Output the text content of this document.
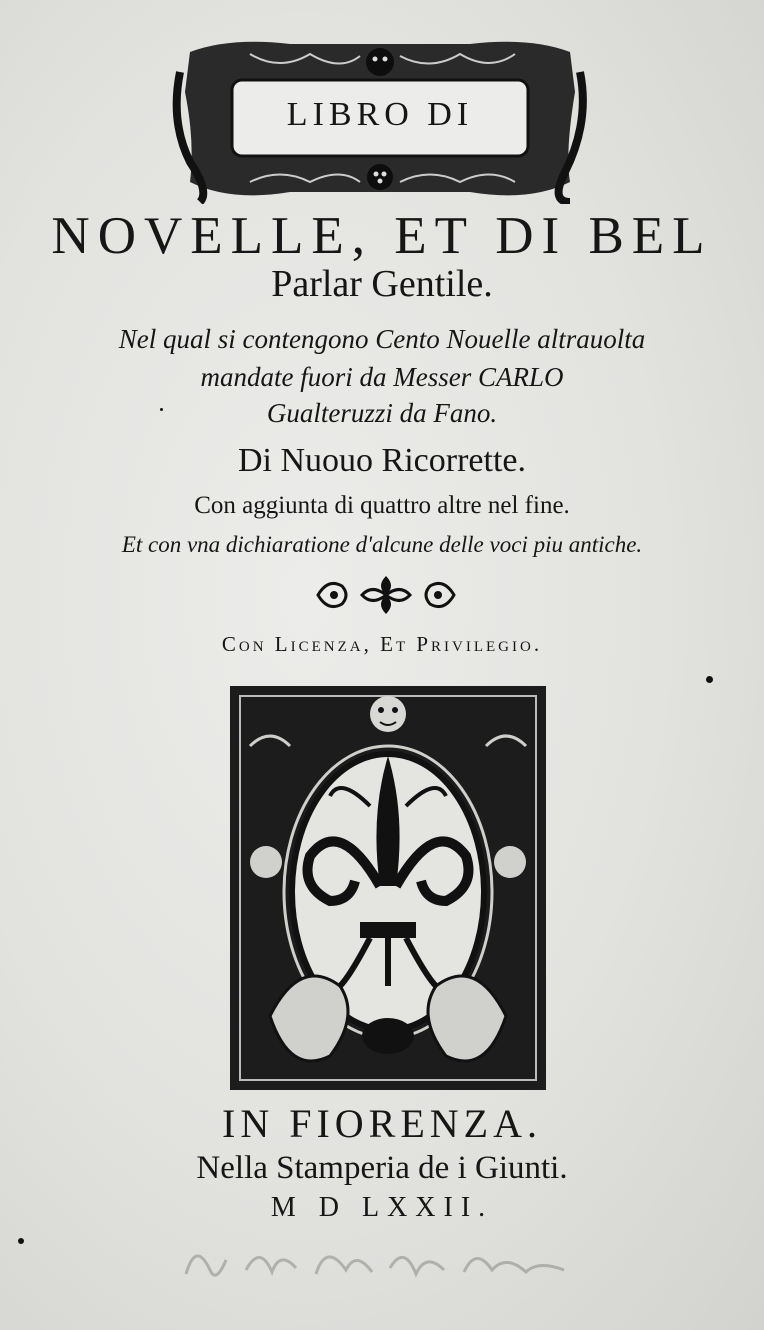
LIBRO DI
NOVELLE, ET DI BEL
Parlar Gentile.
Nel qual si contengono Cento Nouelle altrauolta
mandate fuori da Messer CARLO
Gualteruzzi da Fano.
Di Nuouo Ricorrette.
Con aggiunta di quattro altre nel fine.
Et con vna dichiaratione d'alcune delle voci piu antiche.
Con Licenza, Et Privilegio.
IN FIORENZA.
Nella Stamperia de i Giunti.
M D LXXII.
